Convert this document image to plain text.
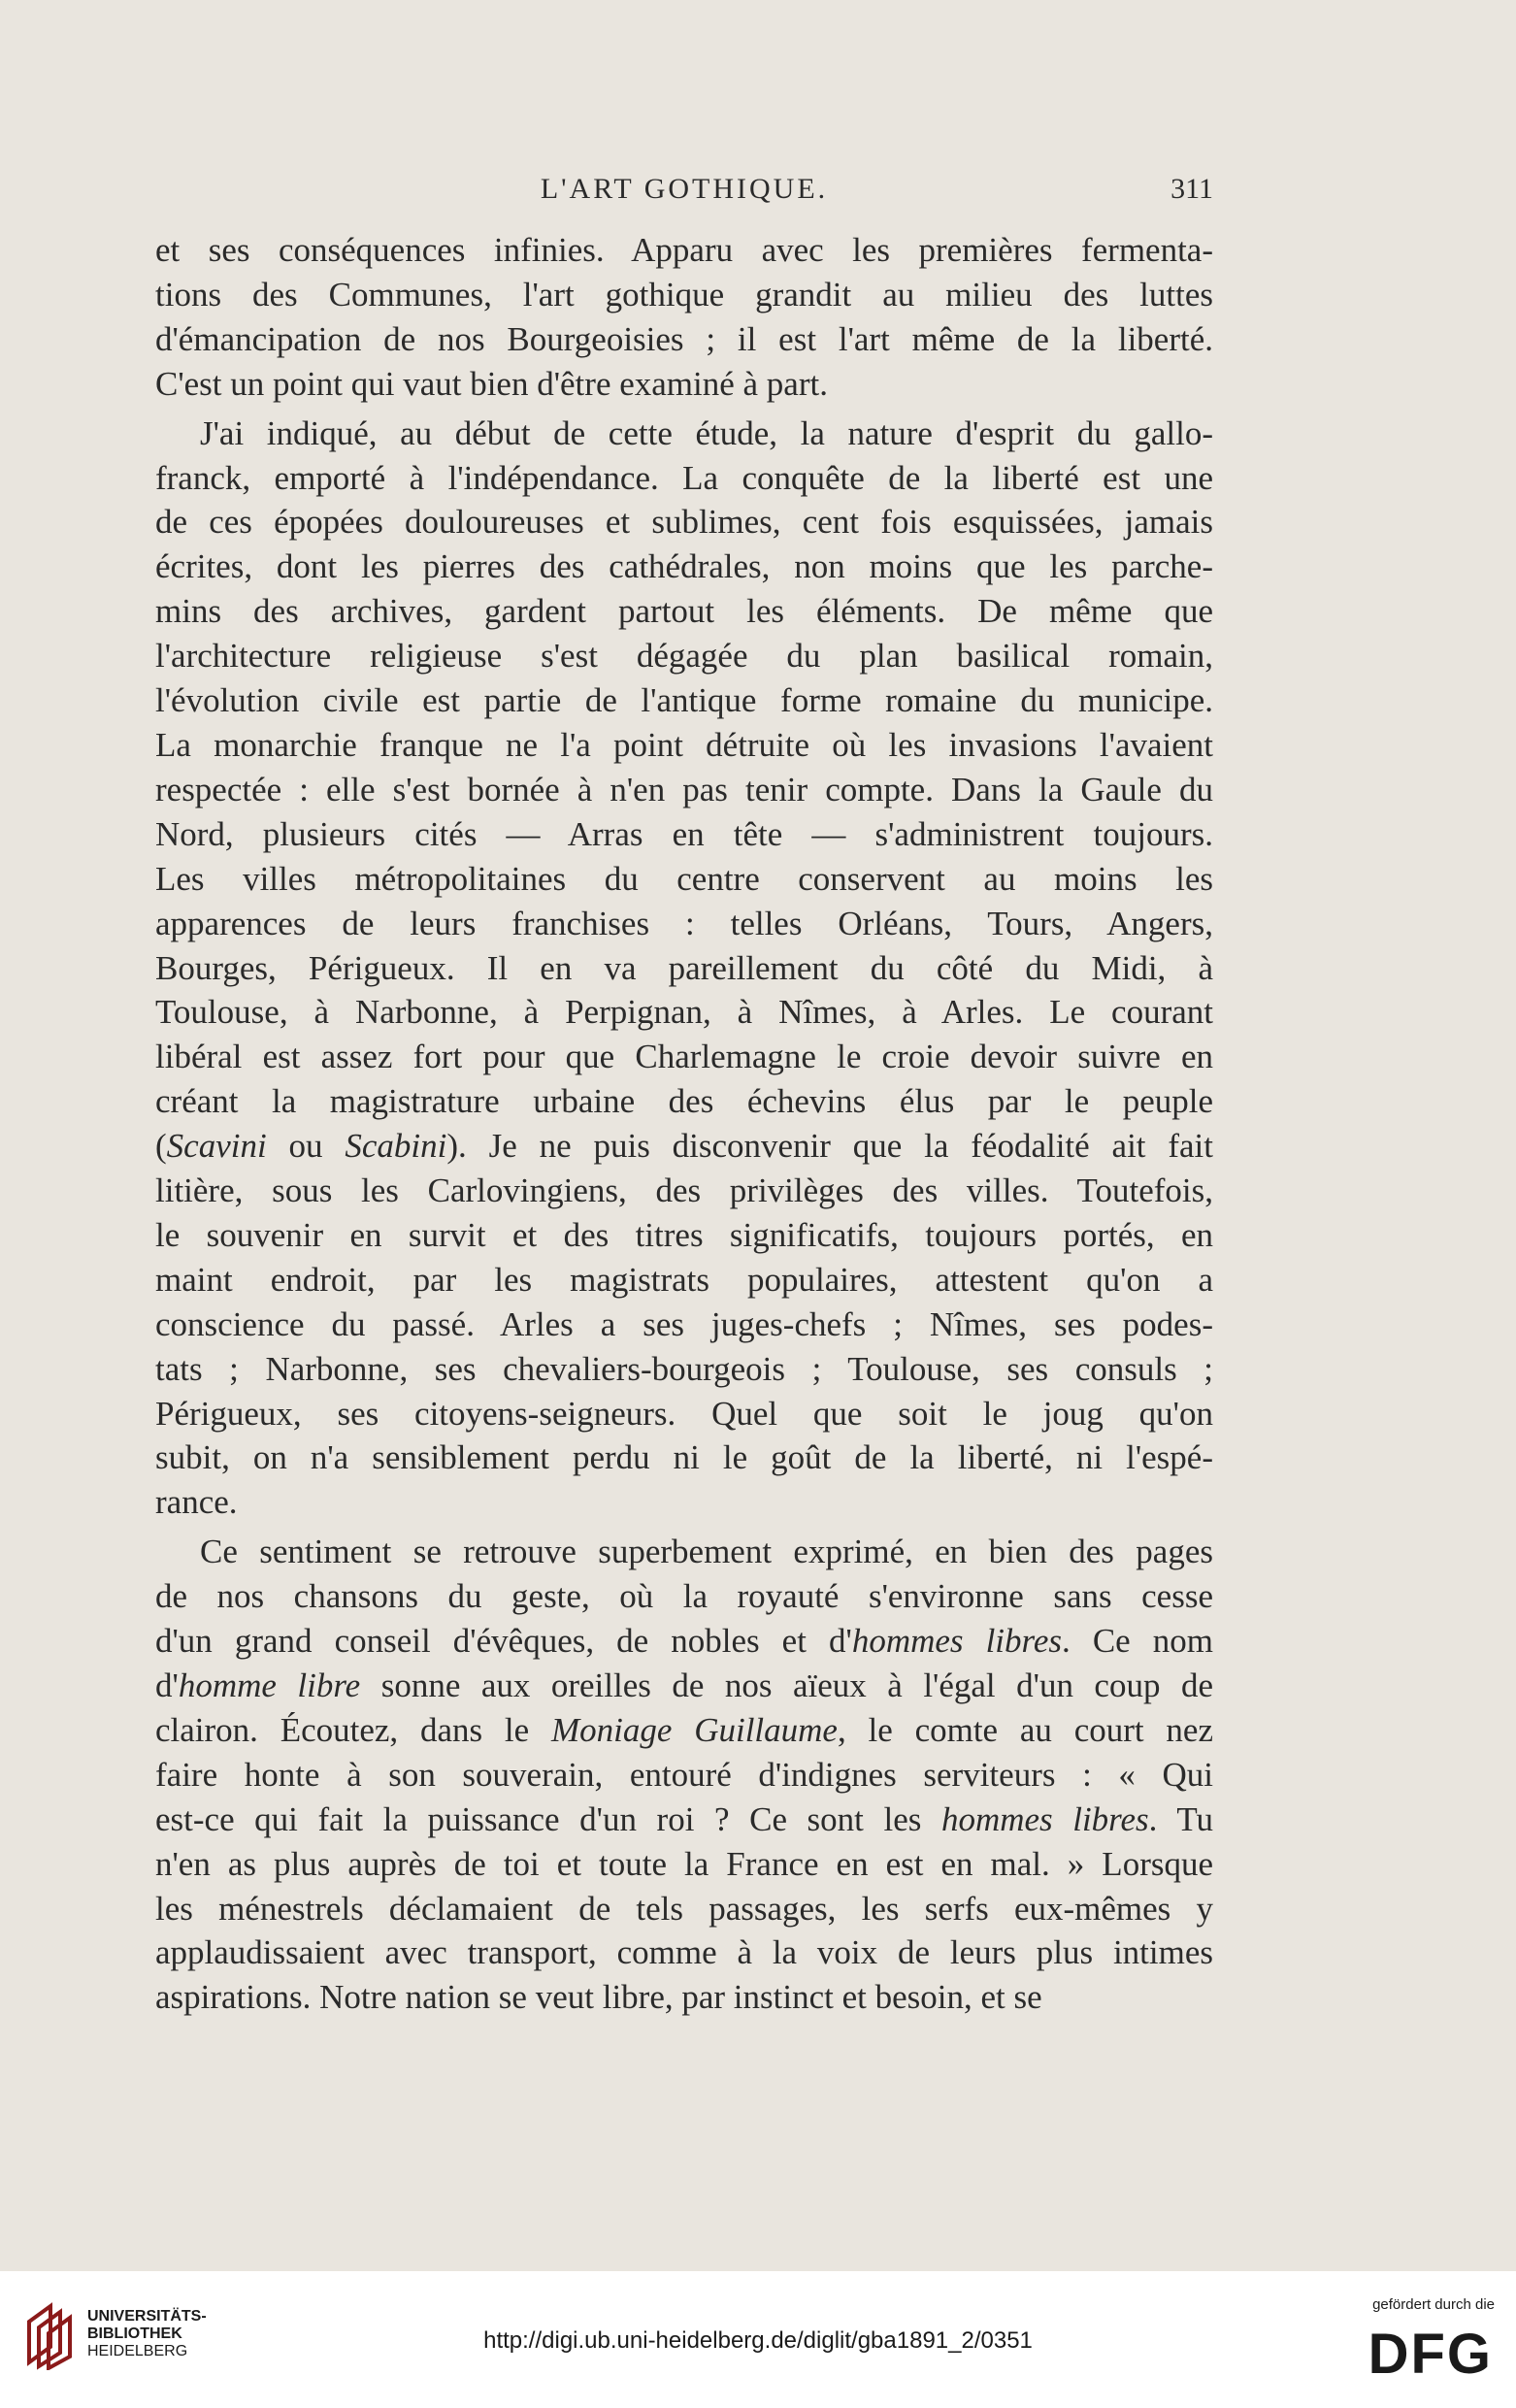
L'ART GOTHIQUE.	311
et ses conséquences infinies. Apparu avec les premières fermenta-
tions des Communes, l'art gothique grandit au milieu des luttes
d'émancipation de nos Bourgeoisies ; il est l'art même de la liberté.
C'est un point qui vaut bien d'être examiné à part.
J'ai indiqué, au début de cette étude, la nature d'esprit du gallo-
franck, emporté à l'indépendance. La conquête de la liberté est une
de ces épopées douloureuses et sublimes, cent fois esquissées, jamais
écrites, dont les pierres des cathédrales, non moins que les parche-
mins des archives, gardent partout les éléments. De même que
l'architecture religieuse s'est dégagée du plan basilical romain,
l'évolution civile est partie de l'antique forme romaine du municipe.
La monarchie franque ne l'a point détruite où les invasions l'avaient
respectée : elle s'est bornée à n'en pas tenir compte. Dans la Gaule du
Nord, plusieurs cités — Arras en tête — s'administrent toujours.
Les villes métropolitaines du centre conservent au moins les
apparences de leurs franchises : telles Orléans, Tours, Angers,
Bourges, Périgueux. Il en va pareillement du côté du Midi, à
Toulouse, à Narbonne, à Perpignan, à Nîmes, à Arles. Le courant
libéral est assez fort pour que Charlemagne le croie devoir suivre en
créant la magistrature urbaine des échevins élus par le peuple
(Scavini ou Scabini). Je ne puis disconvenir que la féodalité ait fait
litière, sous les Carlovingiens, des privilèges des villes. Toutefois,
le souvenir en survit et des titres significatifs, toujours portés, en
maint endroit, par les magistrats populaires, attestent qu'on a
conscience du passé. Arles a ses juges-chefs ; Nîmes, ses podes-
tats ; Narbonne, ses chevaliers-bourgeois ; Toulouse, ses consuls ;
Périgueux, ses citoyens-seigneurs. Quel que soit le joug qu'on
subit, on n'a sensiblement perdu ni le goût de la liberté, ni l'espé-
rance.
Ce sentiment se retrouve superbement exprimé, en bien des pages
de nos chansons du geste, où la royauté s'environne sans cesse
d'un grand conseil d'évêques, de nobles et d'hommes libres. Ce nom
d'homme libre sonne aux oreilles de nos aïeux à l'égal d'un coup de
clairon. Écoutez, dans le Moniage Guillaume, le comte au court nez
faire honte à son souverain, entouré d'indignes serviteurs : « Qui
est-ce qui fait la puissance d'un roi ? Ce sont les hommes libres. Tu
n'en as plus auprès de toi et toute la France en est en mal. » Lorsque
les ménestrels déclamaient de tels passages, les serfs eux-mêmes y
applaudissaient avec transport, comme à la voix de leurs plus intimes
aspirations. Notre nation se veut libre, par instinct et besoin, et se
UNIVERSITÄTS-
BIBLIOTHEK
HEIDELBERG	http://digi.ub.uni-heidelberg.de/diglit/gba1891_2/0351
gefördert durch die
DFG
